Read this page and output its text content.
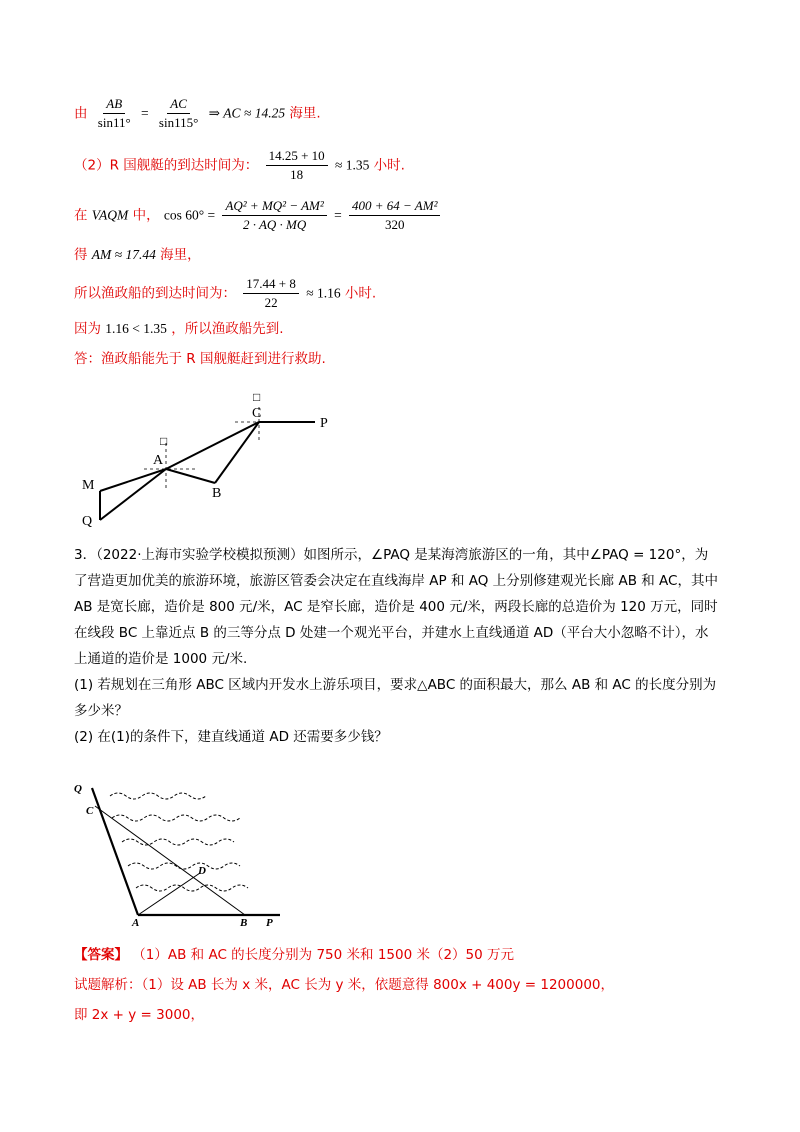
由 $\frac{AB}{\sin 11^\circ} = \frac{AC}{\sin 115^\circ}$ ⇒ AC ≈ 14.25 海里.
（2）R 国舰艇的到达时间为： $\frac{14.25 + 10}{18} \approx 1.35$ 小时.
在 VAQM 中， $\cos 60^\circ = \frac{\text{AQ² + MQ² − AM²}}{2 \cdot AQ \cdot MQ} = \frac{\text{400 + 64 − AM²}}{320}$
得 AM ≈ 17.44 海里，
所以渔政船的到达时间为： $\frac{17.44 + 8}{22} \approx 1.16$ 小时.
因为 1.16 < 1.35 ，所以渔政船先到.
答：渔政船能先于 R 国舰艇赶到进行救助.
C
P
A
B
M
Q
□
□
3．（2022·上海市实验学校模拟预测）如图所示，∠PAQ 是某海湾旅游区的一角，其中∠PAQ = 120°，为
了营造更加优美的旅游环境，旅游区管委会决定在直线海岸 AP 和 AQ 上分别修建观光长廊 AB 和 AC，其中
AB 是宽长廊，造价是 800 元/米，AC 是窄长廊，造价是 400 元/米，两段长廊的总造价为 120 万元，同时
在线段 BC 上靠近点 B 的三等分点 D 处建一个观光平台，并建水上直线通道 AD（平台大小忽略不计），水
上通道的造价是 1000 元/米.
(1) 若规划在三角形 ABC 区域内开发水上游乐项目，要求△ABC 的面积最大，那么 AB 和 AC 的长度分别为
多少米？
(2) 在(1)的条件下，建直线通道 AD 还需要多少钱？
Q
C
D
A	B P
【答案】 （1）AB 和 AC 的长度分别为 750 米和 1500 米（2）50 万元
试题解析：（1）设 AB 长为 x 米，AC 长为 y 米，依题意得 800x + 400y = 1200000，
即 2x + y = 3000，
